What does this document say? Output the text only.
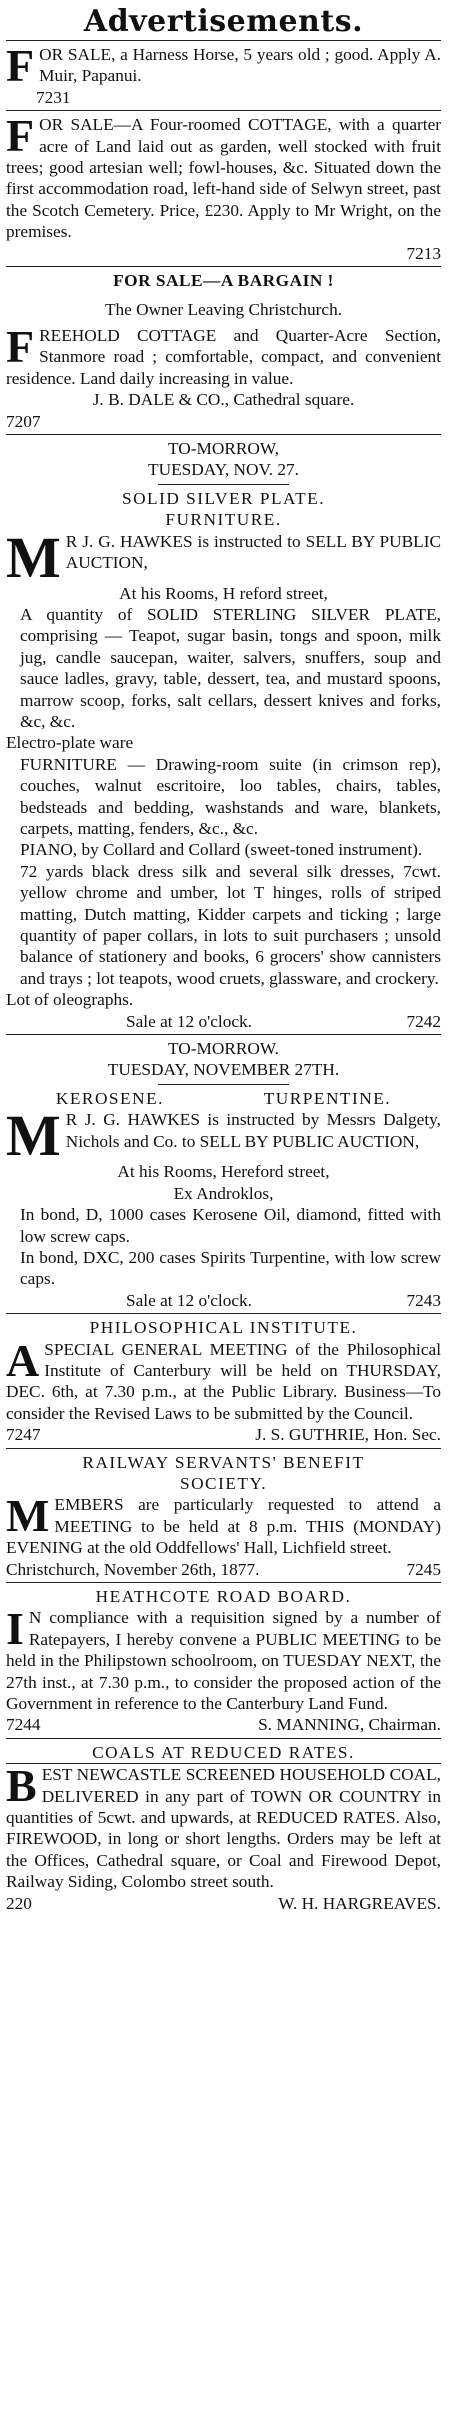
Advertisements.
F OR SALE, a Harness Horse, 5 years old ; good. Apply A. Muir, Papanui.

7231
F OR SALE—A Four-roomed COTTAGE, with a quarter acre of Land laid out as garden, well stocked with fruit trees; good artesian well; fowl-houses, &c. Situated down the first accommodation road, left-hand side of Selwyn street, past the Scotch Cemetery. Price, £230. Apply to Mr Wright, on the premises.

7213
FOR SALE—A BARGAIN !
The Owner Leaving Christchurch.
F REEHOLD COTTAGE and Quarter-Acre Section, Stanmore road ; comfortable, compact, and convenient residence. Land daily increasing in value.

J. B. DALE & CO., Cathedral square.
7207
TO-MORROW,
TUESDAY, NOV. 27.
SOLID SILVER PLATE.
FURNITURE.
M R J. G. HAWKES is instructed to SELL BY PUBLIC AUCTION,

At his Rooms, H reford street,

A quantity of SOLID STERLING SILVER PLATE, comprising — Teapot, sugar basin, tongs and spoon, milk jug, candle saucepan, waiter, salvers, snuffers, soup and sauce ladles, gravy, table, dessert, tea, and mustard spoons, marrow scoop, forks, salt cellars, dessert knives and forks, &c, &c.

Electro-plate ware

FURNITURE — Drawing-room suite (in crimson rep), couches, walnut escritoire, loo tables, chairs, tables, bedsteads and bedding, washstands and ware, blankets, carpets, matting, fenders, &c., &c.

PIANO, by Collard and Collard (sweet-toned instrument).

72 yards black dress silk and several silk dresses, 7cwt. yellow chrome and umber, lot T hinges, rolls of striped matting, Dutch matting, Kidder carpets and ticking ; large quantity of paper collars, in lots to suit purchasers ; unsold balance of stationery and books, 6 grocers' show cannisters and trays ; lot teapots, wood cruets, glassware, and crockery.

Lot of oleographs.

Sale at 12 o'clock.	7242
TO-MORROW.
TUESDAY, NOVEMBER 27TH.
KEROSENE.	TURPENTINE.
M R J. G. HAWKES is instructed by Messrs Dalgety, Nichols and Co. to SELL BY PUBLIC AUCTION,

At his Rooms, Hereford street,
Ex Androklos,

In bond, D, 1000 cases Kerosene Oil, diamond, fitted with low screw caps.

In bond, DXC, 200 cases Spirits Turpentine, with low screw caps.

Sale at 12 o'clock.	7243
PHILOSOPHICAL INSTITUTE.
A SPECIAL GENERAL MEETING of the Philosophical Institute of Canterbury will be held on THURSDAY, DEC. 6th, at 7.30 p.m., at the Public Library. Business—To consider the Revised Laws to be submitted by the Council.

7247	J. S. GUTHRIE, Hon. Sec.
RAILWAY SERVANTS' BENEFIT
SOCIETY.
M EMBERS are particularly requested to attend a MEETING to be held at 8 p.m. THIS (MONDAY) EVENING at the old Oddfellows' Hall, Lichfield street.

Christchurch, November 26th, 1877.	7245
HEATHCOTE ROAD BOARD.
I N compliance with a requisition signed by a number of Ratepayers, I hereby convene a PUBLIC MEETING to be held in the Philipstown schoolroom, on TUESDAY NEXT, the 27th inst., at 7.30 p.m., to consider the proposed action of the Government in reference to the Canterbury Land Fund.

7244	S. MANNING, Chairman.
COALS AT REDUCED RATES.
B EST NEWCASTLE SCREENED HOUSEHOLD COAL, DELIVERED in any part of TOWN OR COUNTRY in quantities of 5cwt. and upwards, at REDUCED RATES. Also, FIREWOOD, in long or short lengths. Orders may be left at the Offices, Cathedral square, or Coal and Firewood Depot, Railway Siding, Colombo street south.

220	W. H. HARGREAVES.
